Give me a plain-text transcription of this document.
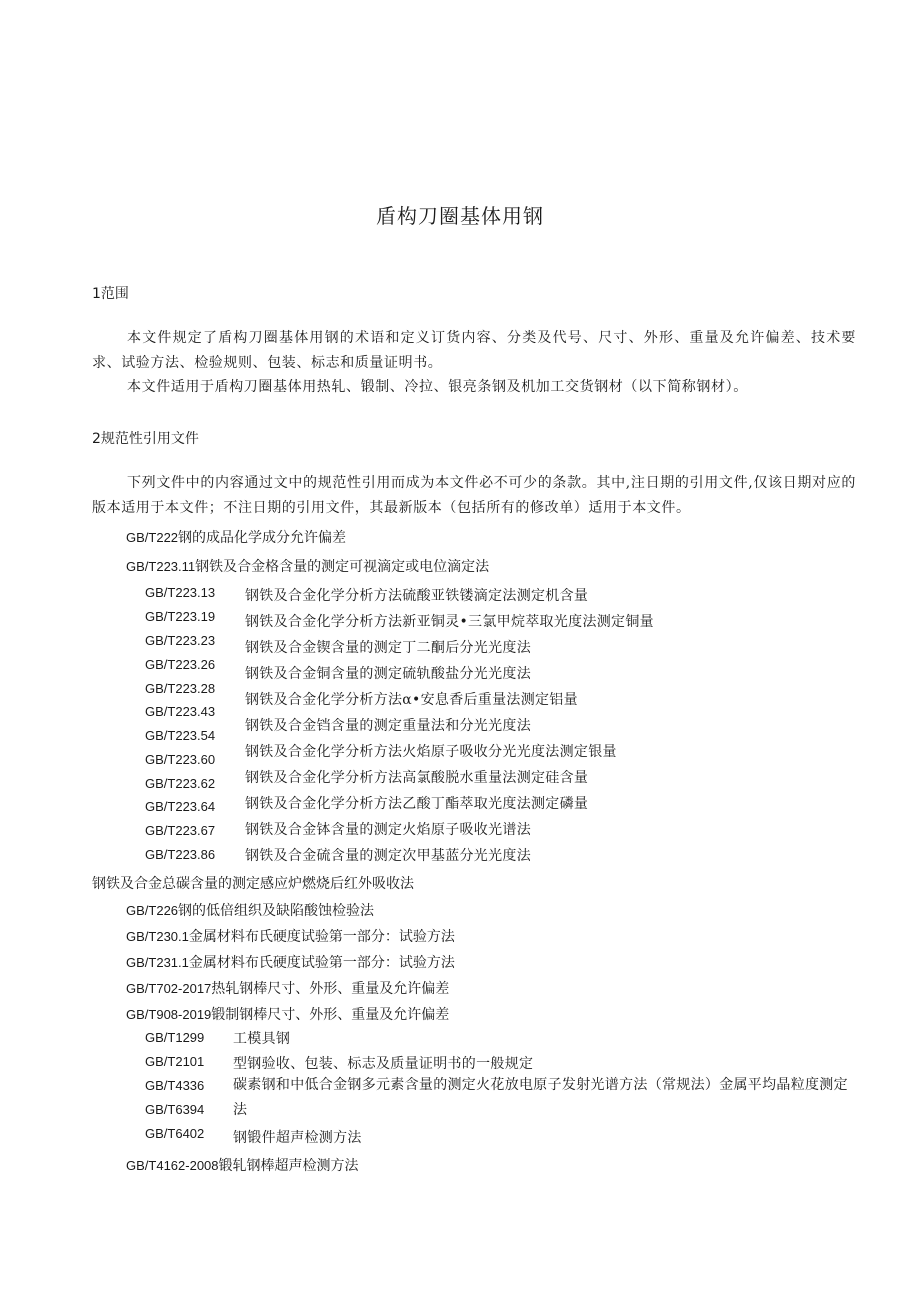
盾构刀圈基体用钢
1范围
本文件规定了盾构刀圈基体用钢的术语和定义订货内容、分类及代号、尺寸、外形、重量及允许偏差、技术要求、试验方法、检验规则、包装、标志和质量证明书。
本文件适用于盾构刀圈基体用热轧、锻制、冷拉、银亮条钢及机加工交货钢材（以下简称钢材）。
2规范性引用文件
下列文件中的内容通过文中的规范性引用而成为本文件必不可少的条款。其中,注日期的引用文件,仅该日期对应的版本适用于本文件；不注日期的引用文件，其最新版本（包括所有的修改单）适用于本文件。
GB/T222钢的成品化学成分允许偏差
GB/T223.11钢铁及合金格含量的测定可视滴定或电位滴定法
GB/T223.13
GB/T223.19
GB/T223.23
GB/T223.26
GB/T223.28
GB/T223.43
GB/T223.54
GB/T223.60
GB/T223.62
GB/T223.64
GB/T223.67
GB/T223.86
钢铁及合金化学分析方法硫酸亚铁镂滴定法测定机含量
钢铁及合金化学分析方法新亚铜灵•三氯甲烷萃取光度法测定铜量
钢铁及合金锲含量的测定丁二酮后分光光度法
钢铁及合金铜含量的测定硫轨酸盐分光光度法
钢铁及合金化学分析方法α•安息香后重量法测定铝量
钢铁及合金铛含量的测定重量法和分光光度法
钢铁及合金化学分析方法火焰原子吸收分光光度法测定银量
钢铁及合金化学分析方法高氯酸脱水重量法测定硅含量
钢铁及合金化学分析方法乙酸丁酯萃取光度法测定磷量
钢铁及合金钵含量的测定火焰原子吸收光谱法
钢铁及合金硫含量的测定次甲基蓝分光光度法
钢铁及合金总碳含量的测定感应炉燃烧后红外吸收法
GB/T226钢的低倍组织及缺陷酸蚀检验法
GB/T230.1金属材料布氏硬度试验第一部分：试验方法
GB/T231.1金属材料布氏硬度试验第一部分：试验方法
GB/T702-2017热轧钢棒尺寸、外形、重量及允许偏差
GB/T908-2019锻制钢棒尺寸、外形、重量及允许偏差
GB/T1299
GB/T2101
GB/T4336
GB/T6394
GB/T6402
工模具钢
型钢验收、包装、标志及质量证明书的一般规定
碳素钢和中低合金钢多元素含量的测定火花放电原子发射光谱方法（常规法）金属平均晶粒度测定法
钢锻件超声检测方法
GB/T4162-2008锻轧钢棒超声检测方法
